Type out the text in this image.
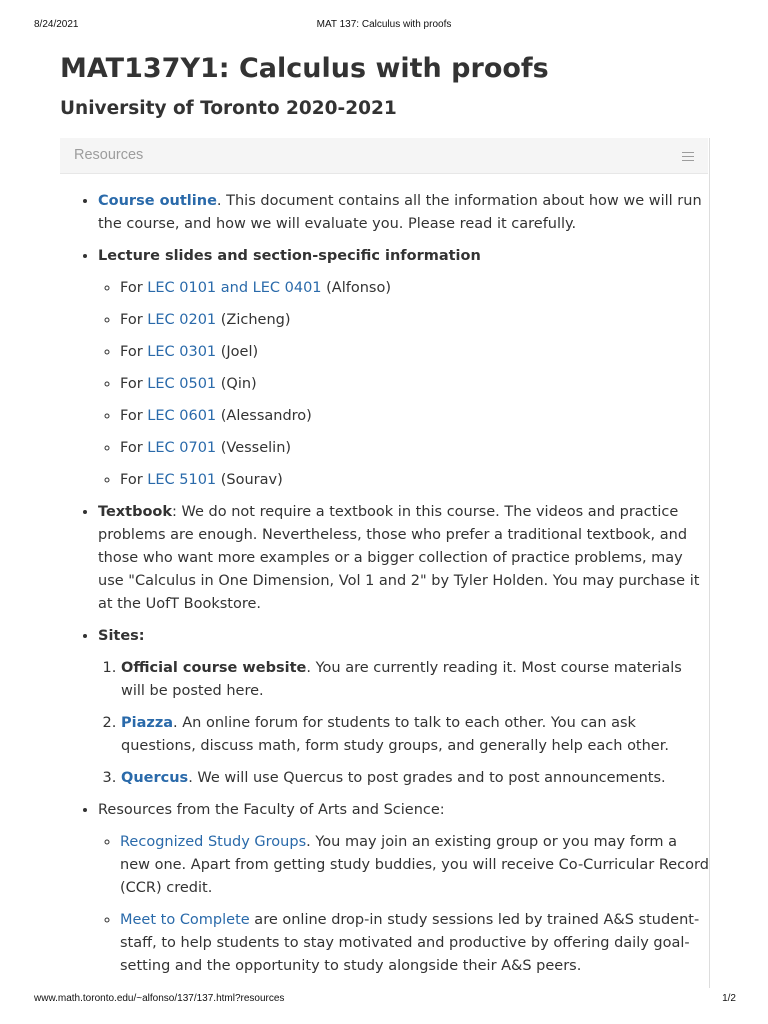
8/24/2021	MAT 137: Calculus with proofs
MAT137Y1: Calculus with proofs
University of Toronto 2020-2021
Resources
• Course outline. This document contains all the information about how we will run the course, and how we will evaluate you. Please read it carefully.
• Lecture slides and section-specific information
◦ For LEC 0101 and LEC 0401 (Alfonso)
◦ For LEC 0201 (Zicheng)
◦ For LEC 0301 (Joel)
◦ For LEC 0501 (Qin)
◦ For LEC 0601 (Alessandro)
◦ For LEC 0701 (Vesselin)
◦ For LEC 5101 (Sourav)
• Textbook: We do not require a textbook in this course. The videos and practice problems are enough. Nevertheless, those who prefer a traditional textbook, and those who want more examples or a bigger collection of practice problems, may use "Calculus in One Dimension, Vol 1 and 2" by Tyler Holden. You may purchase it at the UofT Bookstore.
• Sites:
1. Official course website. You are currently reading it. Most course materials will be posted here.
2. Piazza. An online forum for students to talk to each other. You can ask questions, discuss math, form study groups, and generally help each other.
3. Quercus. We will use Quercus to post grades and to post announcements.
• Resources from the Faculty of Arts and Science:
◦ Recognized Study Groups. You may join an existing group or you may form a new one. Apart from getting study buddies, you will receive Co-Curricular Record (CCR) credit.
◦ Meet to Complete are online drop-in study sessions led by trained A&S student-staff, to help students to stay motivated and productive by offering daily goal-setting and the opportunity to study alongside their A&S peers.
www.math.toronto.edu/~alfonso/137/137.html?resources	1/2
